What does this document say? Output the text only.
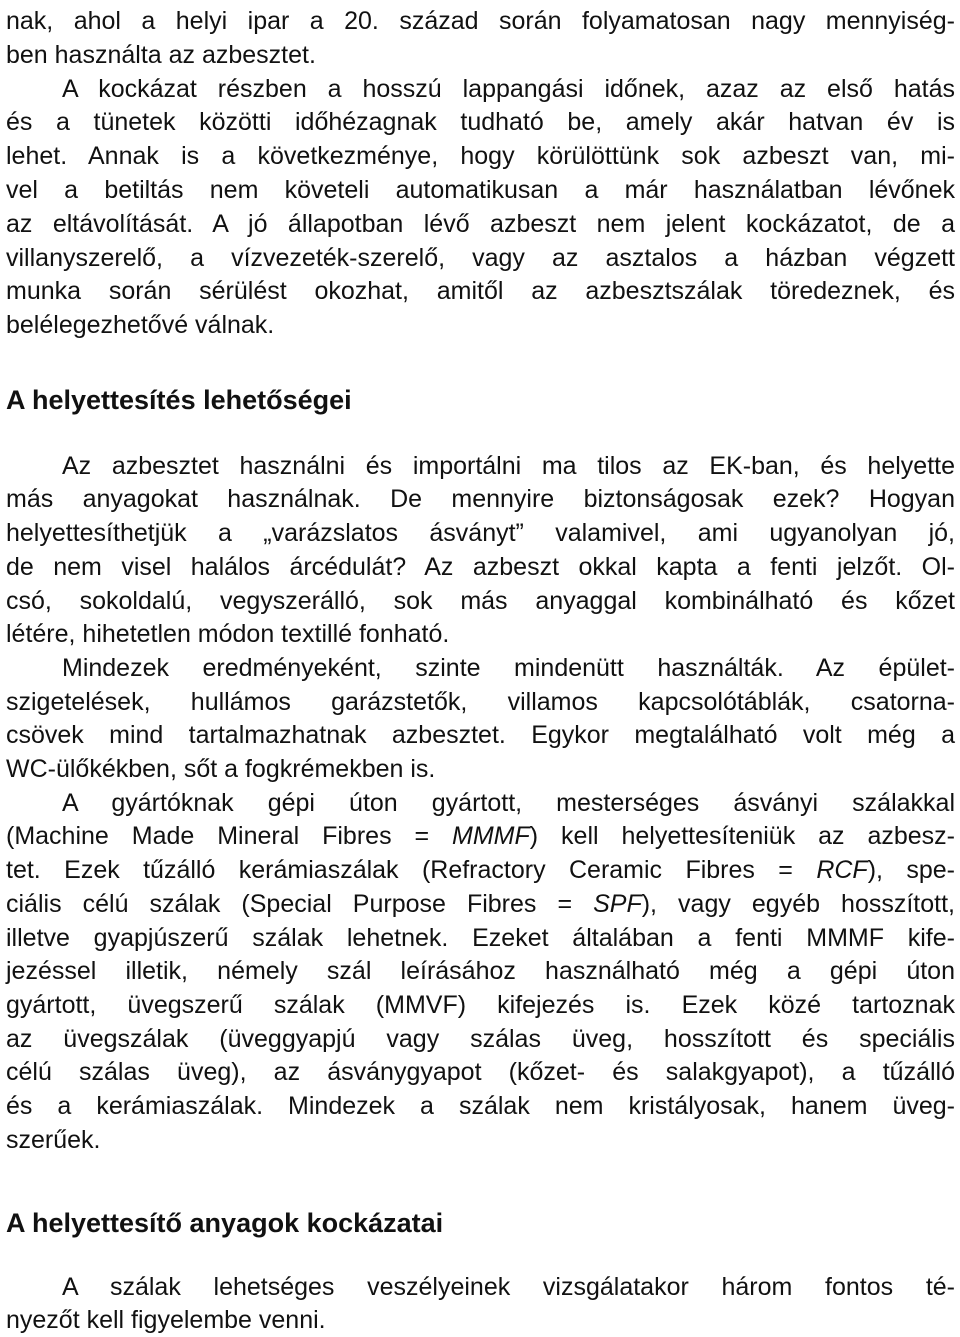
nak, ahol a helyi ipar a 20. század során folyamatosan nagy mennyiség-
ben használta az azbesztet.
A kockázat részben a hosszú lappangási időnek, azaz az első hatás
és a tünetek közötti időhézagnak tudható be, amely akár hatvan év is
lehet. Annak is a következménye, hogy körülöttünk sok azbeszt van, mi-
vel a betiltás nem követeli automatikusan a már használatban lévőnek
az eltávolítását. A jó állapotban lévő azbeszt nem jelent kockázatot, de a
villanyszerelő, a vízvezeték-szerelő, vagy az asztalos a házban végzett
munka során sérülést okozhat, amitől az azbesztszálak töredeznek, és
belélegezhetővé válnak.
A helyettesítés lehetőségei
Az azbesztet használni és importálni ma tilos az EK-ban, és helyette
más anyagokat használnak. De mennyire biztonságosak ezek? Hogyan
helyettesíthetjük a „varázslatos ásványt” valamivel, ami ugyanolyan jó,
de nem visel halálos árcédulát? Az azbeszt okkal kapta a fenti jelzőt. Ol-
csó, sokoldalú, vegyszerálló, sok más anyaggal kombinálható és kőzet
létére, hihetetlen módon textillé fonható.
Mindezek eredményeként, szinte mindenütt használták. Az épület-
szigetelések, hullámos garázstetők, villamos kapcsolótáblák, csatorna-
csövek mind tartalmazhatnak azbesztet. Egykor megtalálható volt még a
WC-ülőkékben, sőt a fogkrémekben is.
A gyártóknak gépi úton gyártott, mesterséges ásványi szálakkal
(Machine Made Mineral Fibres = MMMF) kell helyettesíteniük az azbesz-
tet. Ezek tűzálló kerámiaszálak (Refractory Ceramic Fibres = RCF), spe-
ciális célú szálak (Special Purpose Fibres = SPF), vagy egyéb hosszított,
illetve gyapjúszerű szálak lehetnek. Ezeket általában a fenti MMMF kife-
jezéssel illetik, némely szál leírásához használható még a gépi úton
gyártott, üvegszerű szálak (MMVF) kifejezés is. Ezek közé tartoznak
az üvegszálak (üveggyapjú vagy szálas üveg, hosszított és speciális
célú szálas üveg), az ásványgyapot (kőzet- és salakgyapot), a tűzálló
és a kerámiaszálak. Mindezek a szálak nem kristályosak, hanem üveg-
szerűek.
A helyettesítő anyagok kockázatai
A szálak lehetséges veszélyeinek vizsgálatakor három fontos té-
nyezőt kell figyelembe venni.
